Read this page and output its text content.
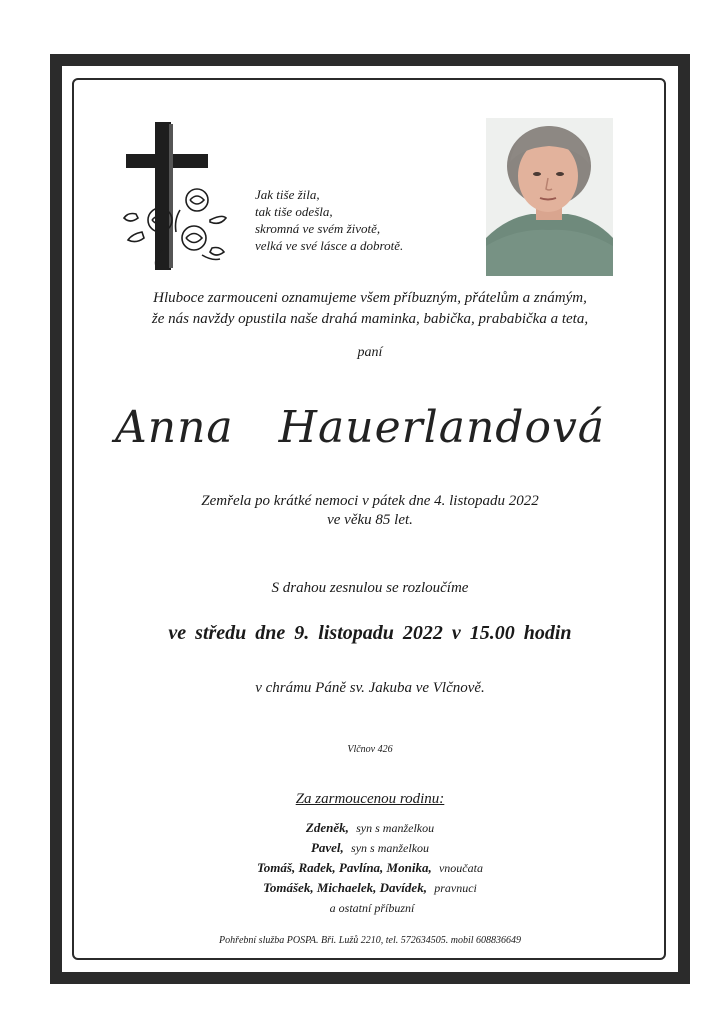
Jak tiše žila,
tak tiše odešla,
skromná ve svém životě,
velká ve své lásce a dobrotě.
Hluboce zarmouceni oznamujeme všem příbuzným, přátelům a známým,
že nás navždy opustila naše drahá maminka, babička, prababička a teta,
paní
Anna Hauerlandová
Zemřela po krátké nemoci v pátek dne 4. listopadu 2022
ve věku 85 let.
S drahou zesnulou se rozloučíme
ve středu dne 9. listopadu 2022 v 15.00 hodin
v chrámu Páně sv. Jakuba ve Vlčnově.
Vlčnov 426
Za zarmoucenou rodinu:
Zdeněk, syn s manželkou
Pavel, syn s manželkou
Tomáš, Radek, Pavlína, Monika, vnoučata
Tomášek, Michaelek, Davídek, pravnuci
a ostatní příbuzní
Pohřební služba POSPA. Bři. Lužů 2210, tel. 572634505. mobil 608836649
